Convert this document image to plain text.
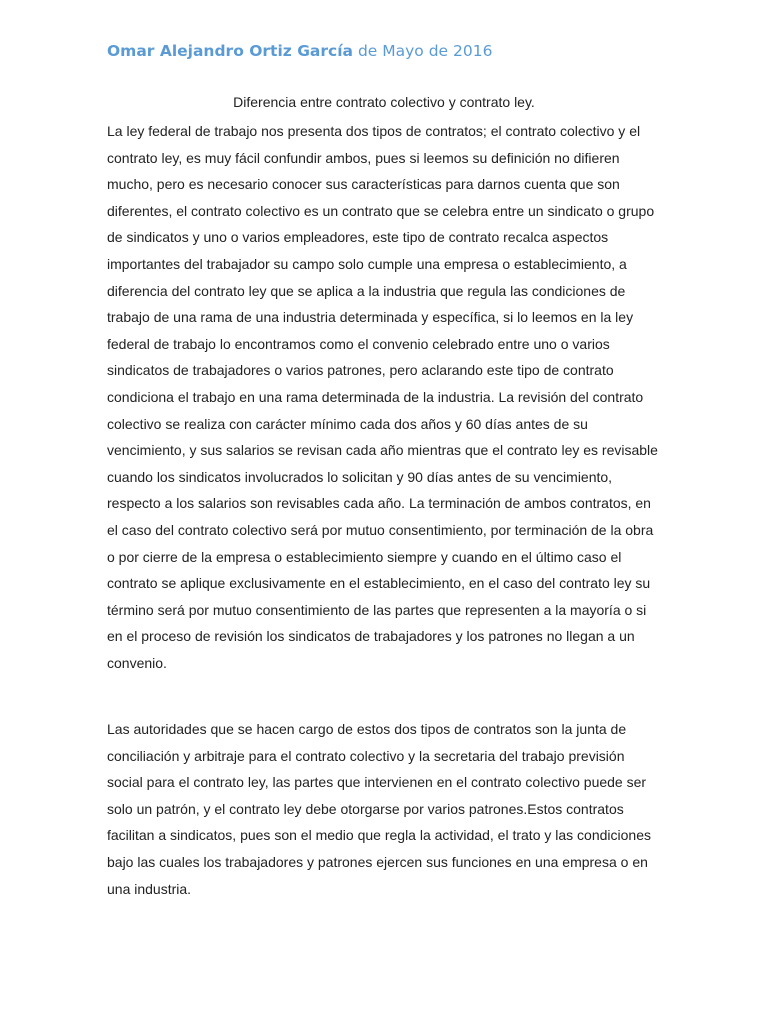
Omar Alejandro Ortiz García de Mayo de 2016
Diferencia entre contrato colectivo y contrato ley.

La ley federal de trabajo nos presenta dos tipos de contratos; el contrato colectivo y el contrato ley, es muy fácil confundir ambos, pues si leemos su definición no difieren mucho, pero es necesario conocer sus características para darnos cuenta que son diferentes, el contrato colectivo es un contrato que se celebra entre un sindicato o grupo de sindicatos y uno o varios empleadores, este tipo de contrato recalca aspectos importantes del trabajador su campo solo cumple una empresa o establecimiento, a diferencia del contrato ley que se aplica a la industria que regula las condiciones de trabajo de una rama de una industria determinada y específica, si lo leemos en la ley federal de trabajo lo encontramos como el convenio celebrado entre uno o varios sindicatos de trabajadores o varios patrones, pero aclarando este tipo de contrato condiciona el trabajo en una rama determinada de la industria. La revisión del contrato colectivo se realiza con carácter mínimo cada dos años y 60 días antes de su vencimiento, y sus salarios se revisan cada año mientras que el contrato ley es revisable cuando los sindicatos involucrados lo solicitan y 90 días antes de su vencimiento, respecto a los salarios son revisables cada año. La terminación de ambos contratos, en el caso del contrato colectivo será por mutuo consentimiento, por terminación de la obra o por cierre de la empresa o establecimiento siempre y cuando en el último caso el contrato se aplique exclusivamente en el establecimiento, en el caso del contrato ley su término será por mutuo consentimiento de las partes que representen a la mayoría o si en el proceso de revisión los sindicatos de trabajadores y los patrones no llegan a un convenio.

Las autoridades que se hacen cargo de estos dos tipos de contratos son la junta de conciliación y arbitraje para el contrato colectivo y la secretaria del trabajo previsión social para el contrato ley, las partes que intervienen en el contrato colectivo puede ser solo un patrón, y el contrato ley debe otorgarse por varios patrones.Estos contratos facilitan a sindicatos, pues son el medio que regla la actividad, el trato y las condiciones bajo las cuales los trabajadores y patrones ejercen sus funciones en una empresa o en una industria.
